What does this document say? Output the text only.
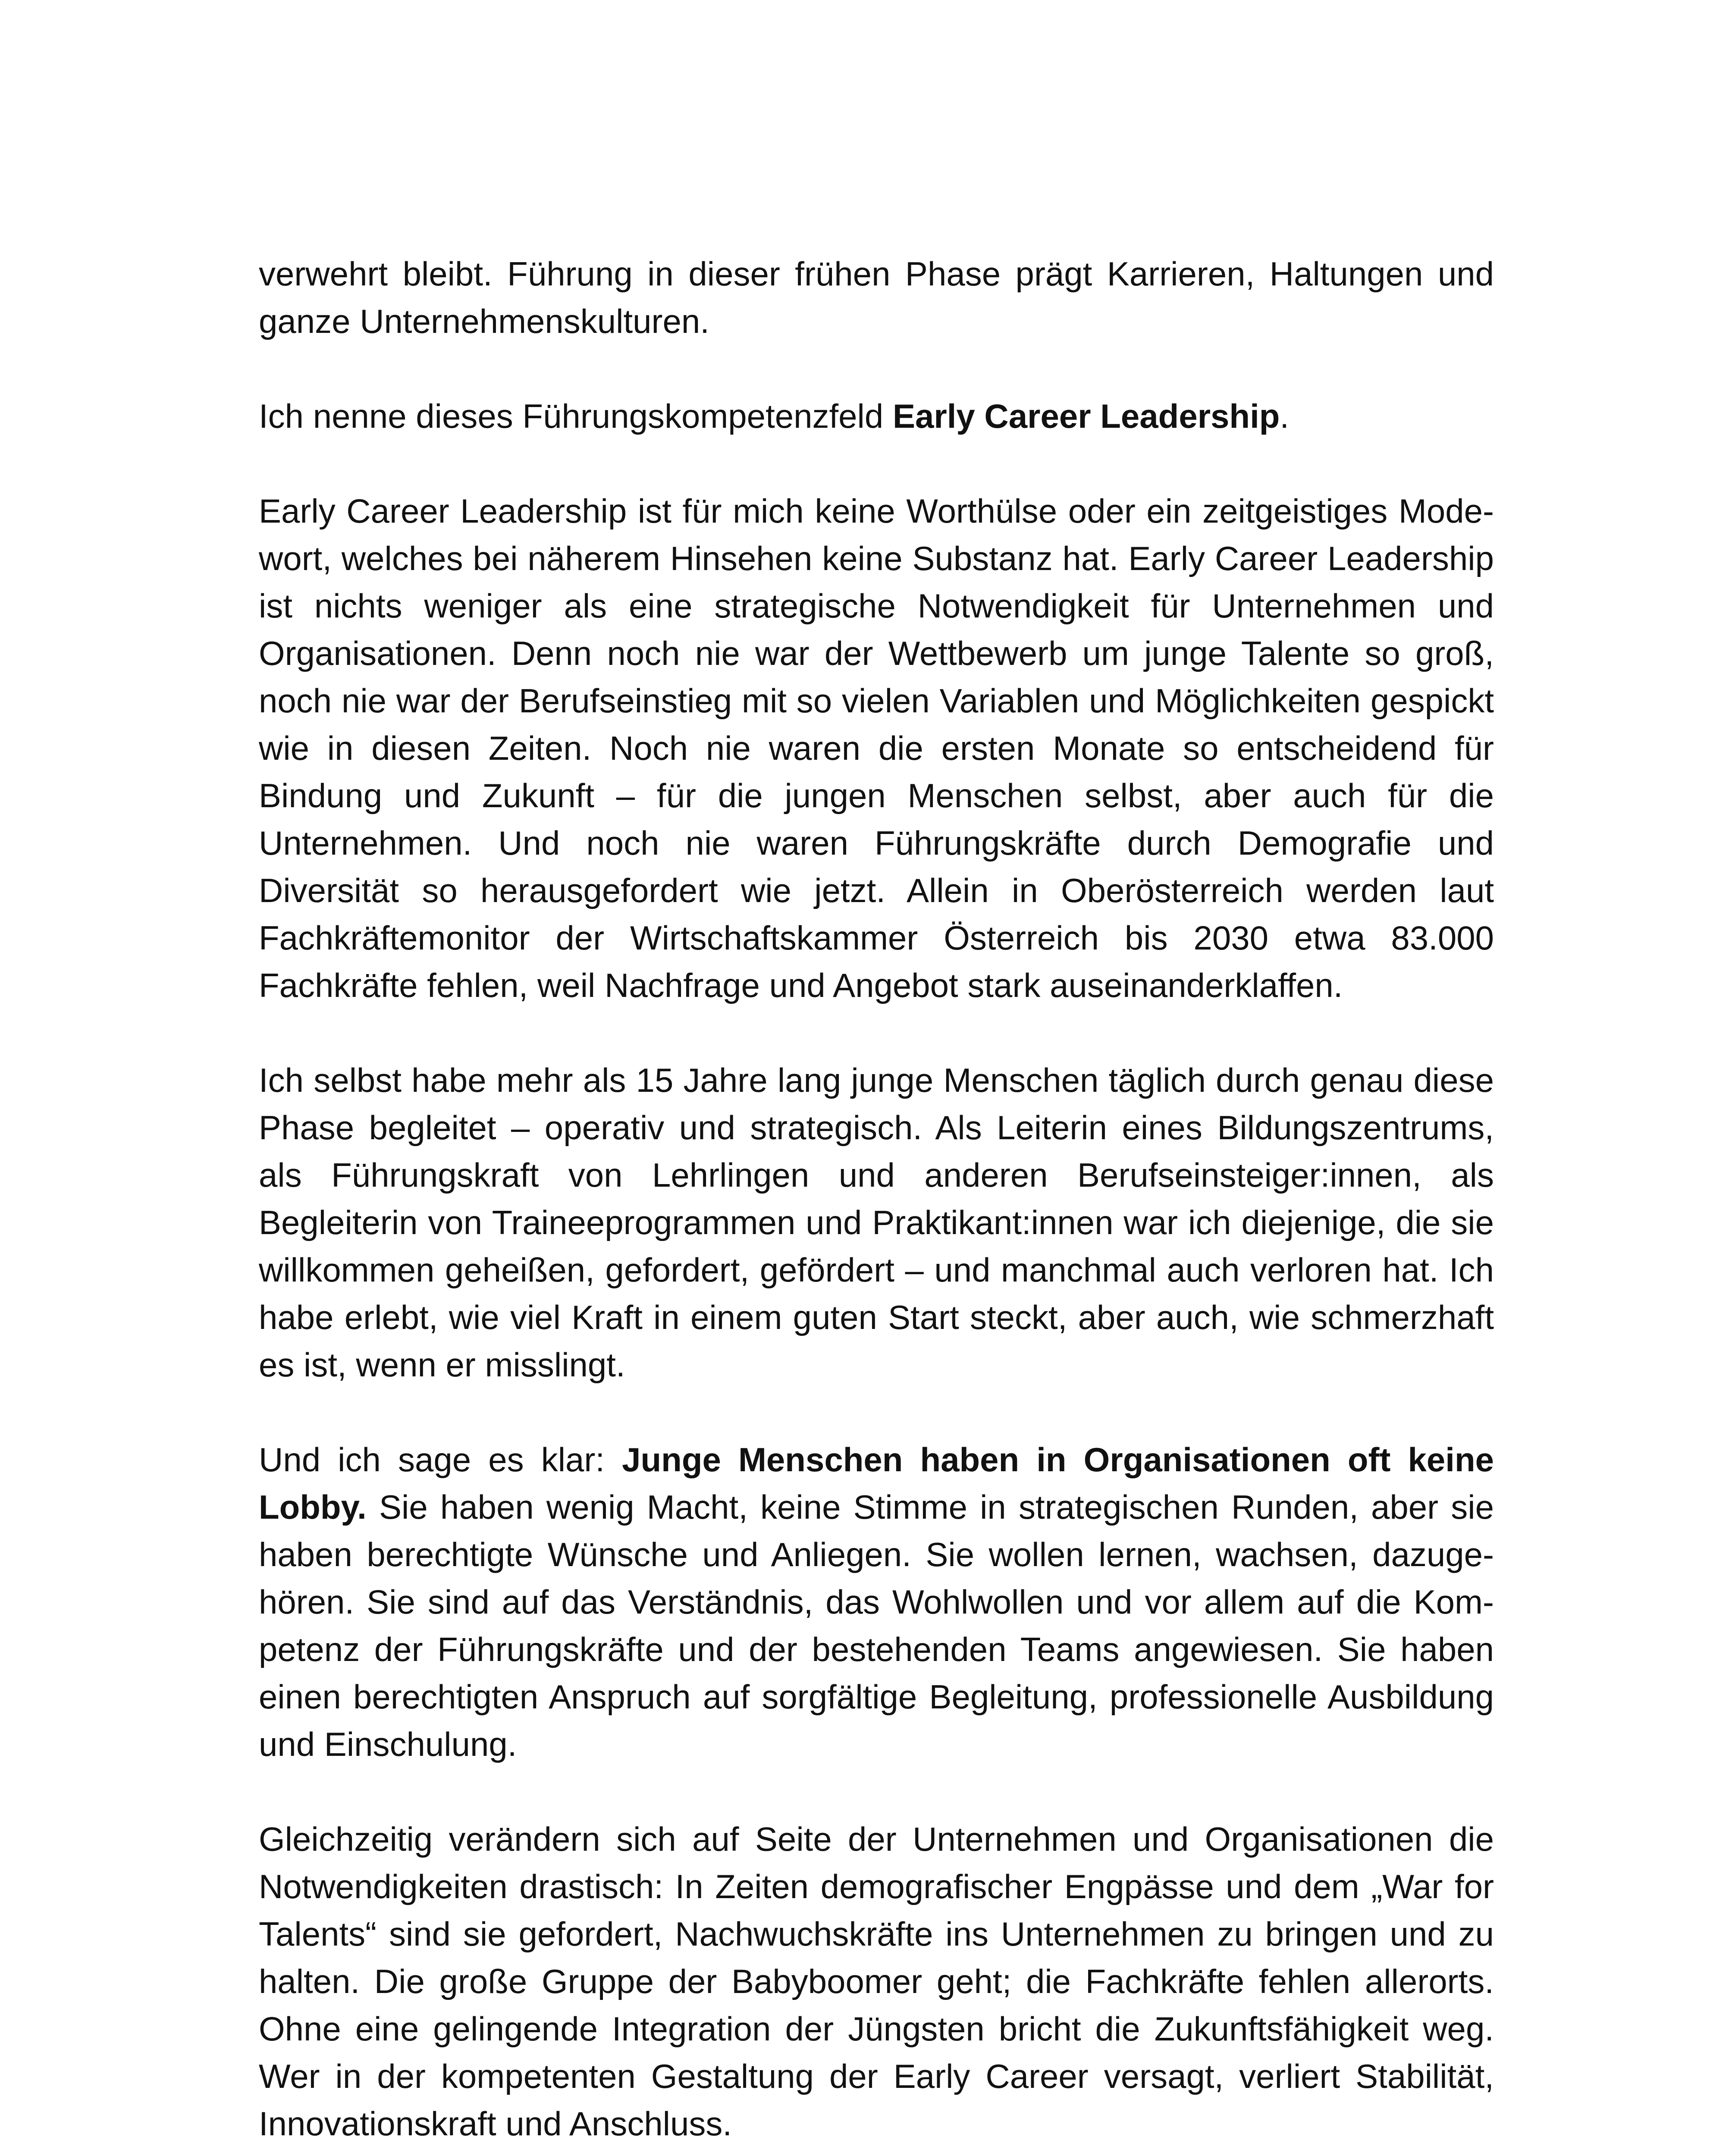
verwehrt bleibt. Führung in dieser frühen Phase prägt Karrieren, Haltungen und ganze Unternehmenskulturen.

Ich nenne dieses Führungskompetenzfeld Early Career Leadership.

Early Career Leadership ist für mich keine Worthülse oder ein zeitgeistiges Modewort, welches bei näherem Hinsehen keine Substanz hat. Early Career Leadership ist nichts weniger als eine strategische Notwendigkeit für Unternehmen und Organisationen. Denn noch nie war der Wettbewerb um junge Talente so groß, noch nie war der Berufseinstieg mit so vielen Variablen und Möglichkeiten gespickt wie in diesen Zeiten. Noch nie waren die ersten Monate so entscheidend für Bindung und Zukunft – für die jungen Menschen selbst, aber auch für die Unternehmen. Und noch nie waren Führungskräfte durch Demografie und Diversität so herausgefordert wie jetzt. Allein in Oberösterreich werden laut Fachkräftemonitor der Wirtschaftskammer Österreich bis 2030 etwa 83.000 Fachkräfte fehlen, weil Nachfrage und Angebot stark auseinanderklaffen.

Ich selbst habe mehr als 15 Jahre lang junge Menschen täglich durch genau diese Phase begleitet – operativ und strategisch. Als Leiterin eines Bildungszentrums, als Führungskraft von Lehrlingen und anderen Berufseinsteiger:innen, als Begleiterin von Traineeprogrammen und Praktikant:innen war ich diejenige, die sie willkommen geheißen, gefordert, gefördert – und manchmal auch verloren hat. Ich habe erlebt, wie viel Kraft in einem guten Start steckt, aber auch, wie schmerzhaft es ist, wenn er misslingt.

Und ich sage es klar: Junge Menschen haben in Organisationen oft keine Lobby. Sie haben wenig Macht, keine Stimme in strategischen Runden, aber sie haben berechtigte Wünsche und Anliegen. Sie wollen lernen, wachsen, dazugehören. Sie sind auf das Verständnis, das Wohlwollen und vor allem auf die Kompetenz der Führungskräfte und der bestehenden Teams angewiesen. Sie haben einen berechtigten Anspruch auf sorgfältige Begleitung, professionelle Ausbildung und Einschulung.

Gleichzeitig verändern sich auf Seite der Unternehmen und Organisationen die Notwendigkeiten drastisch: In Zeiten demografischer Engpässe und dem „War for Talents“ sind sie gefordert, Nachwuchskräfte ins Unternehmen zu bringen und zu halten. Die große Gruppe der Babyboomer geht; die Fachkräfte fehlen allerorts. Ohne eine gelingende Integration der Jüngsten bricht die Zukunftsfähigkeit weg. Wer in der kompetenten Gestaltung der Early Career versagt, verliert Stabilität, Innovationskraft und Anschluss.
